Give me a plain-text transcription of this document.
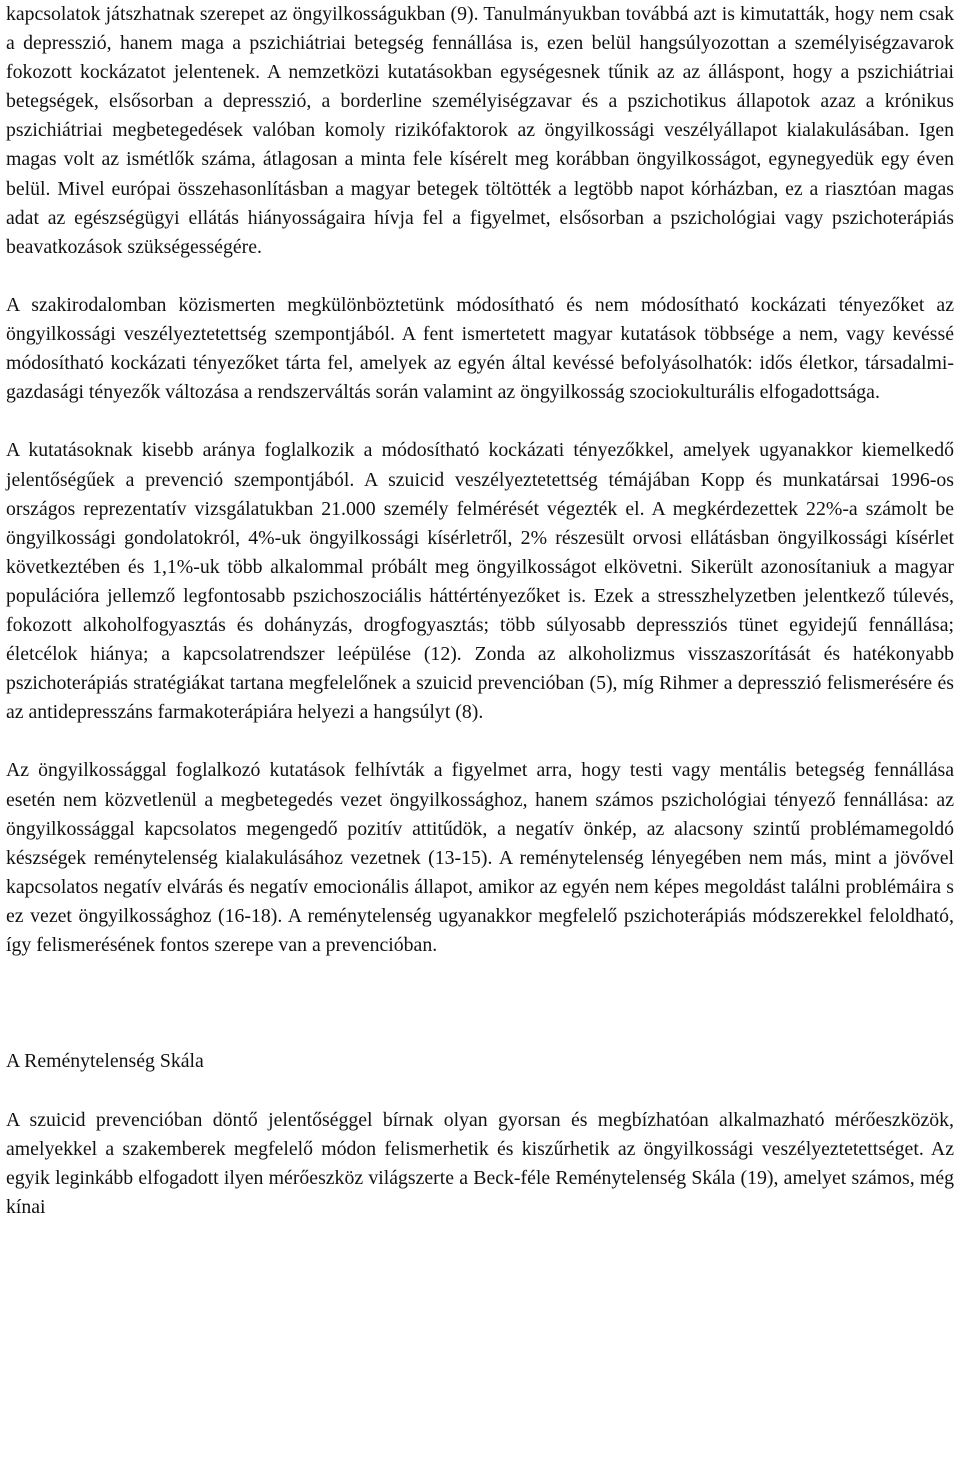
kapcsolatok játszhatnak szerepet az öngyilkosságukban (9). Tanulmányukban továbbá azt is kimutatták, hogy nem csak a depresszió, hanem maga a pszichiátriai betegség fennállása is, ezen belül hangsúlyozottan a személyiségzavarok fokozott kockázatot jelentenek. A nemzetközi kutatásokban egységesnek tűnik az az álláspont, hogy a pszichiátriai betegségek, elsősorban a depresszió, a borderline személyiségzavar és a pszichotikus állapotok azaz a krónikus pszichiátriai megbetegedések valóban komoly rizikófaktorok az öngyilkossági veszélyállapot kialakulásában. Igen magas volt az ismétlők száma, átlagosan a minta fele kísérelt meg korábban öngyilkosságot, egynegyedük egy éven belül. Mivel európai összehasonlításban a magyar betegek töltötték a legtöbb napot kórházban, ez a riasztóan magas adat az egészségügyi ellátás hiányosságaira hívja fel a figyelmet, elsősorban a pszichológiai vagy pszichoterápiás beavatkozások szükségességére.

A szakirodalomban közismerten megkülönböztetünk módosítható és nem módosítható kockázati tényezőket az öngyilkossági veszélyeztetettség szempontjából. A fent ismertetett magyar kutatások többsége a nem, vagy kevéssé módosítható kockázati tényezőket tárta fel, amelyek az egyén által kevéssé befolyásolhatók: idős életkor, társadalmi-gazdasági tényezők változása a rendszerváltás során valamint az öngyilkosság szociokulturális elfogadottsága.

A kutatásoknak kisebb aránya foglalkozik a módosítható kockázati tényezőkkel, amelyek ugyanakkor kiemelkedő jelentőségűek a prevenció szempontjából. A szuicid veszélyeztetettség témájában Kopp és munkatársai 1996-os országos reprezentatív vizsgálatukban 21.000 személy felmérését végezték el. A megkérdezettek 22%-a számolt be öngyilkossági gondolatokról, 4%-uk öngyilkossági kísérletről, 2% részesült orvosi ellátásban öngyilkossági kísérlet következtében és 1,1%-uk több alkalommal próbált meg öngyilkosságot elkövetni. Sikerült azonosítaniuk a magyar populációra jellemző legfontosabb pszichoszociális háttértényezőket is. Ezek a stresszhelyzetben jelentkező túlevés, fokozott alkoholfogyasztás és dohányzás, drogfogyasztás; több súlyosabb depressziós tünet egyidejű fennállása; életcélok hiánya; a kapcsolatrendszer leépülése (12). Zonda az alkoholizmus visszaszorítását és hatékonyabb pszichoterápiás stratégiákat tartana megfelelőnek a szuicid prevencióban (5), míg Rihmer a depresszió felismerésére és az antidepresszáns farmakoterápiára helyezi a hangsúlyt (8).

Az öngyilkossággal foglalkozó kutatások felhívták a figyelmet arra, hogy testi vagy mentális betegség fennállása esetén nem közvetlenül a megbetegedés vezet öngyilkossághoz, hanem számos pszichológiai tényező fennállása: az öngyilkossággal kapcsolatos megengedő pozitív attitűdök, a negatív önkép, az alacsony szintű problémamegoldó készségek reménytelenség kialakulásához vezetnek (13-15). A reménytelenség lényegében nem más, mint a jövővel kapcsolatos negatív elvárás és negatív emocionális állapot, amikor az egyén nem képes megoldást találni problémáira s ez vezet öngyilkossághoz (16-18). A reménytelenség ugyanakkor megfelelő pszichoterápiás módszerekkel feloldható, így felismerésének fontos szerepe van a prevencióban.

A Reménytelenség Skála

A szuicid prevencióban döntő jelentőséggel bírnak olyan gyorsan és megbízhatóan alkalmazható mérőeszközök, amelyekkel a szakemberek megfelelő módon felismerhetik és kiszűrhetik az öngyilkossági veszélyeztetettséget. Az egyik leginkább elfogadott ilyen mérőeszköz világszerte a Beck-féle Reménytelenség Skála (19), amelyet számos, még kínai
